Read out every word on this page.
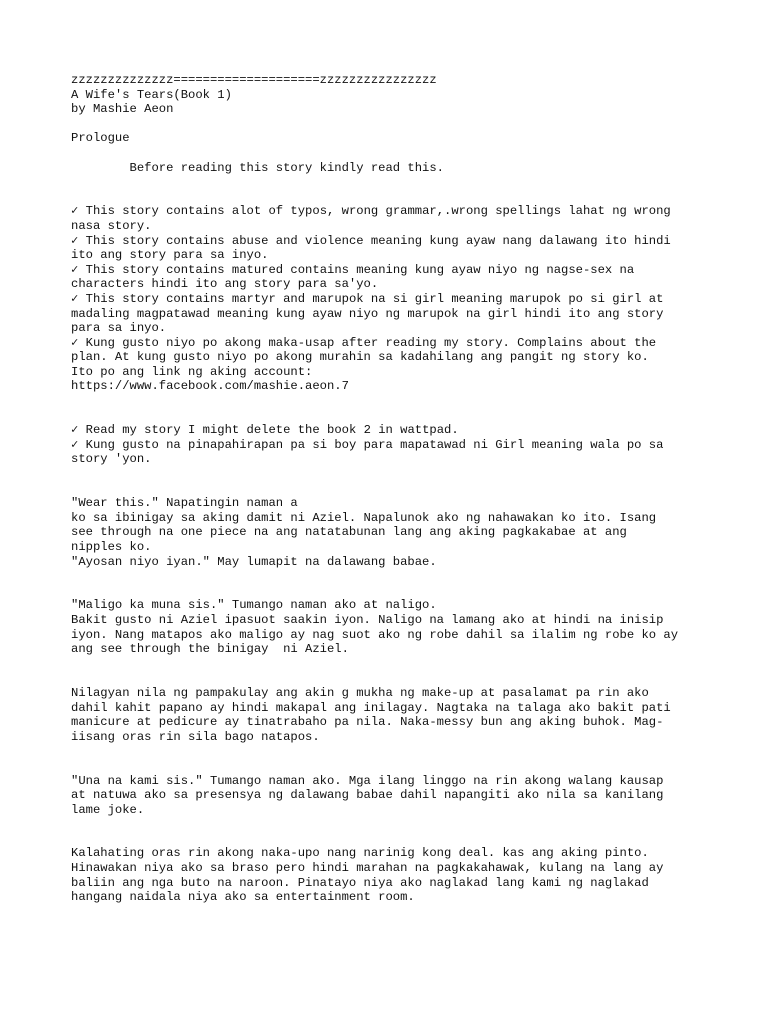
zzzzzzzzzzzzzz====================zzzzzzzzzzzzzzzz
A Wife's Tears(Book 1)
by Mashie Aeon
Prologue
Before reading this story kindly read this.
✓ This story contains alot of typos, wrong grammar,.wrong spellings lahat ng wrong
nasa story.
✓ This story contains abuse and violence meaning kung ayaw nang dalawang ito hindi
ito ang story para sa inyo.
✓ This story contains matured contains meaning kung ayaw niyo ng nagse-sex na
characters hindi ito ang story para sa'yo.
✓ This story contains martyr and marupok na si girl meaning marupok po si girl at
madaling magpatawad meaning kung ayaw niyo ng marupok na girl hindi ito ang story
para sa inyo.
✓ Kung gusto niyo po akong maka-usap after reading my story. Complains about the
plan. At kung gusto niyo po akong murahin sa kadahilang ang pangit ng story ko.
Ito po ang link ng aking account:
https://www.facebook.com/mashie.aeon.7
✓ Read my story I might delete the book 2 in wattpad.
✓ Kung gusto na pinapahirapan pa si boy para mapatawad ni Girl meaning wala po sa
story 'yon.
"Wear this." Napatingin naman a
ko sa ibinigay sa aking damit ni Aziel. Napalunok ako ng nahawakan ko ito. Isang
see through na one piece na ang natatabunan lang ang aking pagkakabae at ang
nipples ko.
"Ayosan niyo iyan." May lumapit na dalawang babae.
"Maligo ka muna sis." Tumango naman ako at naligo.
Bakit gusto ni Aziel ipasuot saakin iyon. Naligo na lamang ako at hindi na inisip
iyon. Nang matapos ako maligo ay nag suot ako ng robe dahil sa ilalim ng robe ko ay
ang see through the binigay  ni Aziel.
Nilagyan nila ng pampakulay ang akin g mukha ng make-up at pasalamat pa rin ako
dahil kahit papano ay hindi makapal ang inilagay. Nagtaka na talaga ako bakit pati
manicure at pedicure ay tinatrabaho pa nila. Naka-messy bun ang aking buhok. Mag-
iisang oras rin sila bago natapos.
"Una na kami sis." Tumango naman ako. Mga ilang linggo na rin akong walang kausap
at natuwa ako sa presensya ng dalawang babae dahil napangiti ako nila sa kanilang
lame joke.
Kalahating oras rin akong naka-upo nang narinig kong deal. kas ang aking pinto.
Hinawakan niya ako sa braso pero hindi marahan na pagkakahawak, kulang na lang ay
baliin ang nga buto na naroon. Pinatayo niya ako naglakad lang kami ng naglakad
hangang naidala niya ako sa entertainment room.
